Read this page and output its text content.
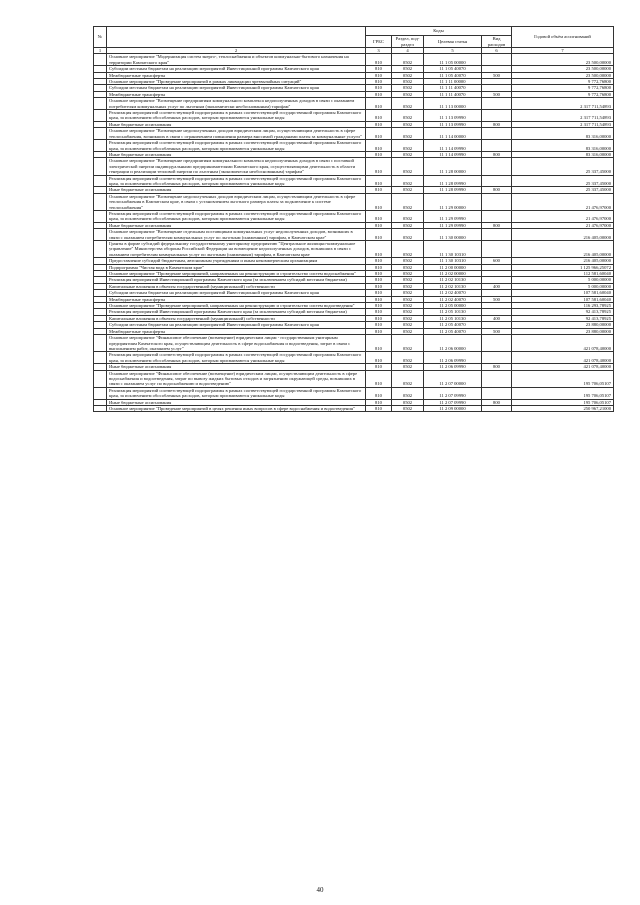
№		Коды				Годовой объём ассигнований
		ГРБС	Раздел, под-раздел	Целевая статья	Вид расходов	
1	2	3	4	5	6	7
	Основное мероприятие "Модернизация систем энерго-, теплоснабжения и объектов коммунально-бытового назначения на территории Камчатского края"	810	0502	11 1 05 00000		23 500,00000
	Субсидии местным бюджетам на реализацию мероприятий Инвестиционной программы Камчатского края	810	0502	11 1 05 40070		23 500,00000
	Межбюджетные трансферты	810	0502	11 1 05 40070	500	23 500,00000
	Основное мероприятие "Проведение мероприятий в рамках ликвидации чрезвычайных ситуаций"	810	0502	11 1 11 00000		9 772,76800
	Субсидии местным бюджетам на реализацию мероприятий Инвестиционной программы Камчатского края	810	0502	11 1 11 40070		9 772,76800
	Межбюджетные трансферты	810	0502	11 1 11 40070	500	9 772,76800
	Основное мероприятие "Возмещение предприятиям коммунального комплекса недополученных доходов в связи с оказанием потребителям коммунальных услуг по льготным (экономически необоснованным) тарифам"	810	0502	11 1 13 00000		2 317 711,54893
	Реализация мероприятий соответствующей подпрограммы в рамках соответствующей государственной программы Камчатского края, за исключением обособленных расходов, которым присваиваются уникальные коды	810	0502	11 1 13 09990		2 317 711,54893
	Иные бюджетные ассигнования	810	0502	11 1 13 09990	800	2 317 711,54893
	Основное мероприятие "Возмещение недополученных доходов юридическим лицам, осуществляющим деятельность в сфере теплоснабжения, возникших в связи с ограничением повышения размера вносимой гражданами платы за коммунальные услуги"	810	0502	11 1 14 00000		83 316,00000
	Реализация мероприятий соответствующей подпрограммы в рамках соответствующей государственной программы Камчатского края, за исключением обособленных расходов, которым присваиваются уникальные коды	810	0502	11 1 14 09990		83 316,00000
	Иные бюджетные ассигнования	810	0502	11 1 14 09990	800	83 316,00000
	Основное мероприятие "Возмещение предприятиям коммунального комплекса недополученных доходов в связи с поставкой электрической энергии индивидуальными предпринимателями Камчатского края, осуществляющими деятельность в области генерации и реализации тепловой энергии по льготным (экономически необоснованным) тарифам"	810	0502	11 1 28 00000		25 337,45000
	Реализация мероприятий соответствующей подпрограммы в рамках соответствующей государственной программы Камчатского края, за исключением обособленных расходов, которым присваиваются уникальные коды	810	0502	11 1 28 09990		25 337,45000
	Иные бюджетные ассигнования	810	0502	11 1 28 09990	800	25 337,45000
	Основное мероприятие "Возмещение недополученных доходов юридическим лицам, осуществляющим деятельность в сфере теплоснабжения в Камчатском крае, в связи с установлением льготного размера платы за подключение к системе теплоснабжения"	810	0502	11 1 29 00000		21 476,97000
	Реализация мероприятий соответствующей подпрограммы в рамках соответствующей государственной программы Камчатского края, за исключением обособленных расходов, которым присваиваются уникальные коды	810	0502	11 1 29 09990		21 476,97000
	Иные бюджетные ассигнования	810	0502	11 1 29 09990	800	21 476,97000
	Основное мероприятие "Возмещение отдельным поставщикам коммунальных услуг недополученных доходов, возникших в связи с оказанием потребителям коммунальных услуг по льготным (сниженным) тарифам, в Камчатском крае"	810	0502	11 1 30 00000		216 405,00000
	Гранты в форме субсидий федеральному государственному унитарному предприятию "Центральное жилищно-коммунальное управление" Министерства обороны Российской Федерации на возмещение недополученных доходов, возникших в связи с оказанием потребителям коммунальных услуг по льготным (сниженным) тарифам, в Камчатском крае	810	0502	11 1 30 10310		216 405,00000
	Предоставление субсидий бюджетным, автономным учреждениям и иным некоммерческим организациям	810	0502	11 1 30 10310	600	216 405,00000
	Подпрограмма "Чистая вода в Камчатском крае"	810	0502	11 2 00 00000		1 125 966,25072
	Основное мероприятие "Проведение мероприятий, направленных на реконструкцию и строительство систем водоснабжения"	810	0502	11 2 02 00000		112 581,60040
	Реализация мероприятий Инвестиционной программы Камчатского края (за исключением субсидий местным бюджетам)	810	0502	11 2 02 10130		5 000,00000
	Капитальные вложения в объекты государственной (муниципальной) собственности	810	0502	11 2 02 10130	400	5 000,00000
	Субсидии местным бюджетам на реализацию мероприятий Инвестиционной программы Камчатского края	810	0502	11 2 02 40070		107 581,60040
	Межбюджетные трансферты	810	0502	11 2 02 40070	500	107 581,60040
	Основное мероприятие "Проведение мероприятий, направленных на реконструкцию и строительство систем водоотведения"	810	0502	11 2 05 00000		116 293,78925
	Реализация мероприятий Инвестиционной программы Камчатского края (за исключением субсидий местным бюджетам)	810	0502	11 2 05 10130		92 413,78925
	Капитальные вложения в объекты государственной (муниципальной) собственности	810	0502	11 2 05 10130	400	92 413,78925
	Субсидии местным бюджетам на реализацию мероприятий Инвестиционной программы Камчатского края	810	0502	11 2 05 40070		23 880,00000
	Межбюджетные трансферты	810	0502	11 2 05 40070	500	23 880,00000
	Основное мероприятие "Финансовое обеспечение (возмещение) юридическим лицам - государственным унитарным предприятиям Камчатского края, осуществляющим деятельность в сфере водоснабжения и водоотведения, затрат в связи с выполнением работ, оказанием услуг"	810	0502	11 2 06 00000		421 078,40000
	Реализация мероприятий соответствующей подпрограммы в рамках соответствующей государственной программы Камчатского края, за исключением обособленных расходов, которым присваиваются уникальные коды	810	0502	11 2 06 09990		421 078,40000
	Иные бюджетные ассигнования	810	0502	11 2 06 09990	800	421 078,40000
	Основное мероприятие "Финансовое обеспечение (возмещение) юридическим лицам, осуществляющим деятельность в сфере водоснабжения и водоотведения, затрат по вывозу жидких бытовых отходов и загрязнению окружающей среды, возникших в связи с оказанием услуг по водоснабжению и водоотведению"	810	0502	11 2 07 00000		195 706,05107
	Реализация мероприятий соответствующей подпрограммы в рамках соответствующей государственной программы Камчатского края, за исключением обособленных расходов, которым присваиваются уникальные коды	810	0502	11 2 07 09990		195 706,05107
	Иные бюджетные ассигнования	810	0502	11 2 07 09990	800	195 706,05107
	Основное мероприятие "Проведение мероприятий в целях решения иных вопросов в сфере водоснабжения и водоотведения"	810	0502	11 2 09 00000		250 967,21000
40
